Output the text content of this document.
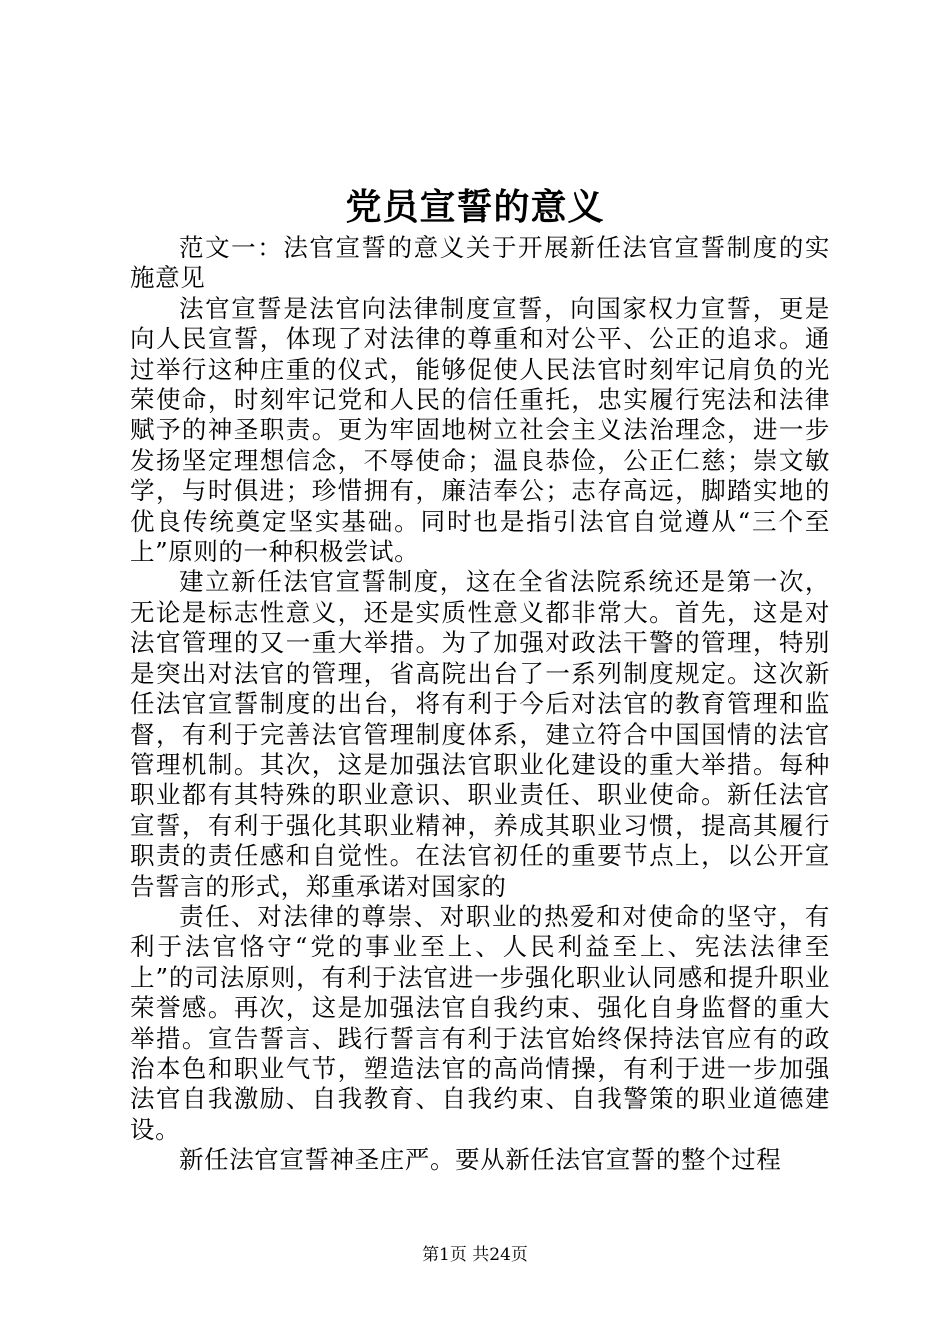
党员宣誓的意义

范文一：法官宣誓的意义关于开展新任法官宣誓制度的实施意见

法官宣誓是法官向法律制度宣誓，向国家权力宣誓，更是向人民宣誓，体现了对法律的尊重和对公平、公正的追求。通过举行这种庄重的仪式，能够促使人民法官时刻牢记肩负的光荣使命，时刻牢记党和人民的信任重托，忠实履行宪法和法律赋予的神圣职责。更为牢固地树立社会主义法治理念，进一步发扬坚定理想信念，不辱使命；温良恭俭，公正仁慈；崇文敏学，与时俱进；珍惜拥有，廉洁奉公；志存高远，脚踏实地的优良传统奠定坚实基础。同时也是指引法官自觉遵从“三个至上”原则的一种积极尝试。

建立新任法官宣誓制度，这在全省法院系统还是第一次，无论是标志性意义，还是实质性意义都非常大。首先，这是对法官管理的又一重大举措。为了加强对政法干警的管理，特别是突出对法官的管理，省高院出台了一系列制度规定。这次新任法官宣誓制度的出台，将有利于今后对法官的教育管理和监督，有利于完善法官管理制度体系，建立符合中国国情的法官管理机制。其次，这是加强法官职业化建设的重大举措。每种职业都有其特殊的职业意识、职业责任、职业使命。新任法官宣誓，有利于强化其职业精神，养成其职业习惯，提高其履行职责的责任感和自觉性。在法官初任的重要节点上，以公开宣告誓言的形式，郑重承诺对国家的

责任、对法律的尊崇、对职业的热爱和对使命的坚守，有利于法官恪守“党的事业至上、人民利益至上、宪法法律至上”的司法原则，有利于法官进一步强化职业认同感和提升职业荣誉感。再次，这是加强法官自我约束、强化自身监督的重大举措。宣告誓言、践行誓言有利于法官始终保持法官应有的政治本色和职业气节，塑造法官的高尚情操，有利于进一步加强法官自我激励、自我教育、自我约束、自我警策的职业道德建设。

新任法官宣誓神圣庄严。要从新任法官宣誓的整个过程

第1页 共24页
